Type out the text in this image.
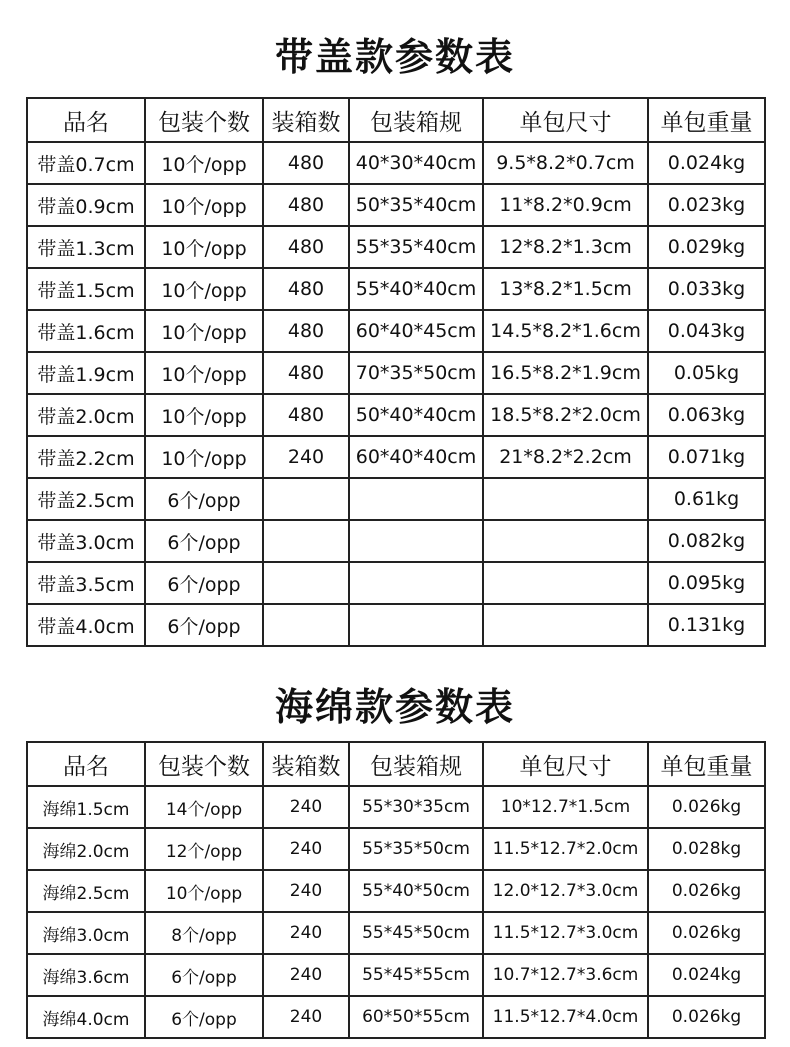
带盖款参数表
品名	包装个数	装箱数	包装箱规	单包尺寸	单包重量
带盖0.7cm	10个/opp	480	40*30*40cm	9.5*8.2*0.7cm	0.024kg
带盖0.9cm	10个/opp	480	50*35*40cm	11*8.2*0.9cm	0.023kg
带盖1.3cm	10个/opp	480	55*35*40cm	12*8.2*1.3cm	0.029kg
带盖1.5cm	10个/opp	480	55*40*40cm	13*8.2*1.5cm	0.033kg
带盖1.6cm	10个/opp	480	60*40*45cm	14.5*8.2*1.6cm	0.043kg
带盖1.9cm	10个/opp	480	70*35*50cm	16.5*8.2*1.9cm	0.05kg
带盖2.0cm	10个/opp	480	50*40*40cm	18.5*8.2*2.0cm	0.063kg
带盖2.2cm	10个/opp	240	60*40*40cm	21*8.2*2.2cm	0.071kg
带盖2.5cm	6个/opp				0.61kg
带盖3.0cm	6个/opp				0.082kg
带盖3.5cm	6个/opp				0.095kg
带盖4.0cm	6个/opp				0.131kg
海绵款参数表
品名	包装个数	装箱数	包装箱规	单包尺寸	单包重量
海绵1.5cm	14个/opp	240	55*30*35cm	10*12.7*1.5cm	0.026kg
海绵2.0cm	12个/opp	240	55*35*50cm	11.5*12.7*2.0cm	0.028kg
海绵2.5cm	10个/opp	240	55*40*50cm	12.0*12.7*3.0cm	0.026kg
海绵3.0cm	8个/opp	240	55*45*50cm	11.5*12.7*3.0cm	0.026kg
海绵3.6cm	6个/opp	240	55*45*55cm	10.7*12.7*3.6cm	0.024kg
海绵4.0cm	6个/opp	240	60*50*55cm	11.5*12.7*4.0cm	0.026kg
